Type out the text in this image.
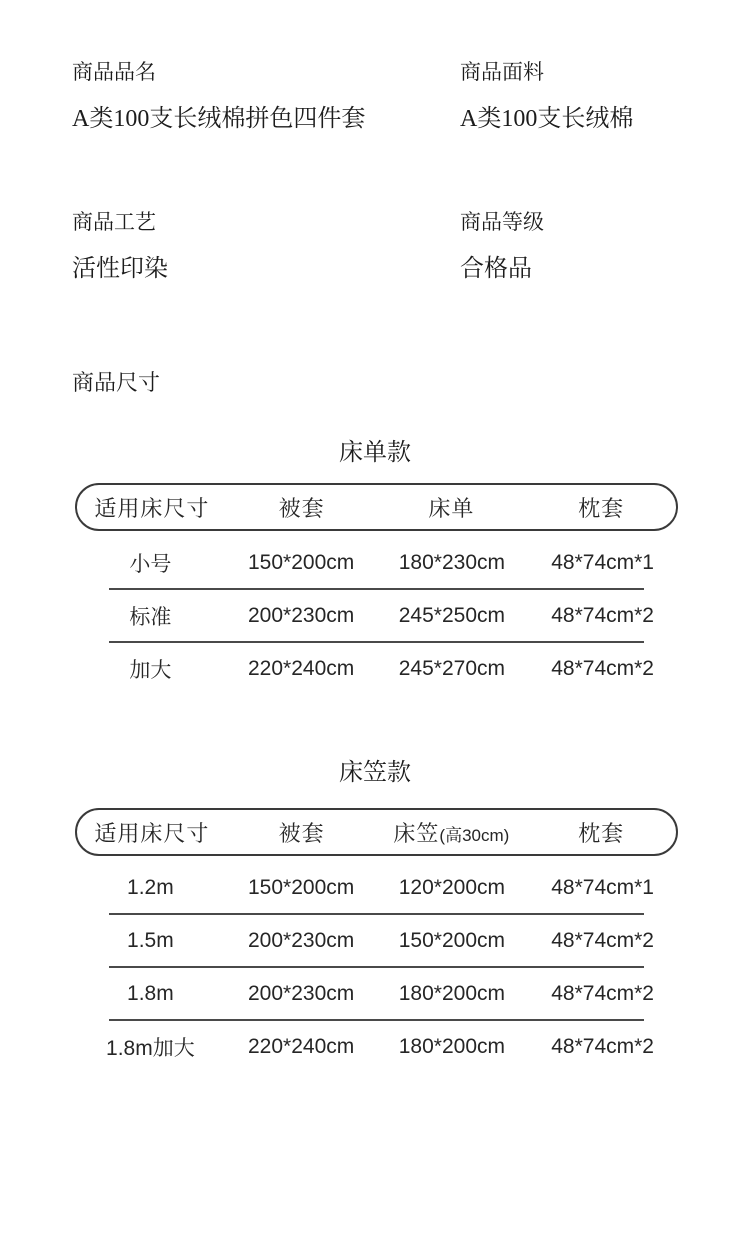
商品品名
A类100支长绒棉拼色四件套
商品面料
A类100支长绒棉
商品工艺
活性印染
商品等级
合格品
商品尺寸
床单款
适用床尺寸	被套	床单	枕套
小号	150*200cm	180*230cm	48*74cm*1
标准	200*230cm	245*250cm	48*74cm*2
加大	220*240cm	245*270cm	48*74cm*2
床笠款
适用床尺寸	被套	床笠(高30cm)	枕套
1.2m	150*200cm	120*200cm	48*74cm*1
1.5m	200*230cm	150*200cm	48*74cm*2
1.8m	200*230cm	180*200cm	48*74cm*2
1.8m加大	220*240cm	180*200cm	48*74cm*2
